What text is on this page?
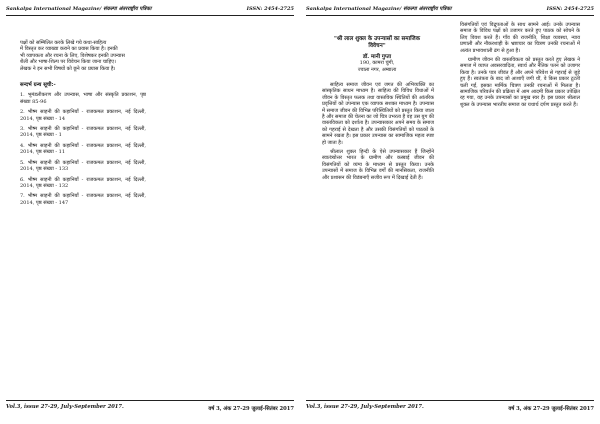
Sankalpa International Magazine/ संकल्पा अंतरराष्ट्रीय पत्रिका	ISSN: 2454-2725
पक्षों को सम्मिलित करके लिखे गये कथा-साहित्य
में विस्तृत कर व्याख्या कराने का प्रयास किया है। इनकी
भी व्यापकता और रचना के लिए, विशेषकर इनकी उपन्यास
शैली और भाषा-शिल्प पर विवेचन किया जाना चाहिए।
लेखक ने इन सभी विषयों को छूने का प्रयास किया है।
सन्दर्भ ग्रन्थ सूची:-
1. भूमंडलीकरण और उपन्यास, भाषा और संस्कृति प्रकाशन, पृष्ठ संख्या 85-96
2. भीष्म साहनी की कहानियाँ - राजकमल प्रकाशन, नई दिल्ली, 2014, पृष्ठ संख्या - 14
3. भीष्म साहनी की कहानियाँ - राजकमल प्रकाशन, नई दिल्ली, 2014, पृष्ठ संख्या - 1
4. भीष्म साहनी की कहानियाँ - राजकमल प्रकाशन, नई दिल्ली, 2014, पृष्ठ संख्या - 11
5. भीष्म साहनी की कहानियाँ - राजकमल प्रकाशन, नई दिल्ली, 2014, पृष्ठ संख्या - 133
6. भीष्म साहनी की कहानियाँ - राजकमल प्रकाशन, नई दिल्ली, 2014, पृष्ठ संख्या - 132
7. भीष्म साहनी की कहानियाँ - राजकमल प्रकाशन, नई दिल्ली, 2014, पृष्ठ संख्या - 147
Vol.3, issue 27-29, July-September 2017.	वर्ष 3, अंक 27-29 जुलाई-सितंबर 2017
Sankalpa International Magazine/ संकल्पा अंतरराष्ट्रीय पत्रिका	ISSN: 2454-2725
"श्री लाल शुक्ल के उपन्यासों का समाजिक विवेचन"
डॉ. मानी गुप्ता
190, कामरा चुंगी,
ज्वाला नगर, अम्बाला

साहित्य समाज जीवन एवं जगत की अभिव्यक्ति का सांस्कृतिक साधन माध्यम है। साहित्य की विविध विधाओं में जीवन के विस्तृत फलक तथा वास्तविक स्थितियों की आंतरिक प्रवृत्तियों को उपन्यास एक व्यापक सशक्त माध्यम है। उपन्यास में समाज जीवन की विभिन्न परिस्थितियों को प्रस्तुत किया जाता है और समाज की चेतना का जो चित्र उभरता है वह उस युग की वास्तविकता को दर्शाता है। उपन्यासकार अपने समय के समाज को गहराई से देखता है और उसकी विसंगतियों को पाठकों के सामने रखता है। इस प्रकार उपन्यास का सामाजिक महत्व स्पष्ट हो जाता है।

श्रीलाल शुक्ल हिन्दी के ऐसे उपन्यासकार हैं जिन्होंने स्वातंत्र्योत्तर भारत के ग्रामीण और कस्बाई जीवन की विसंगतियों को व्यंग्य के माध्यम से प्रस्तुत किया। उनके उपन्यासों में समाज के विभिन्न वर्गों की मानसिकता, राजनीति और प्रशासन की विडंबनाएँ सजीव रूप में दिखाई देती हैं।

विसंगतियों एवं विद्रूपताओं के साथ सामने आई। उनके उपन्यास समाज के विविध पक्षों को उजागर करते हुए पाठक को सोचने के लिए विवश करते हैं। गाँव की राजनीति, शिक्षा व्यवस्था, न्याय प्रणाली और नौकरशाही के भ्रष्टाचार का चित्रण उनकी रचनाओं में अत्यंत प्रभावशाली ढंग से हुआ है।

ग्रामीण जीवन की वास्तविकता को प्रस्तुत करते हुए लेखक ने समाज में व्याप्त अवसरवादिता, स्वार्थ और नैतिक पतन को उजागर किया है। उनके पात्र जीवंत हैं और अपने परिवेश से गहराई से जुड़े हुए हैं। स्वतंत्रता के बाद जो आशाएँ जगी थीं, वे किस प्रकार टूटती चली गईं, इसका मार्मिक चित्रण उनकी रचनाओं में मिलता है। सामाजिक परिवर्तन की प्रक्रिया में आम आदमी किस प्रकार उपेक्षित रह गया, यह उनके उपन्यासों का प्रमुख स्वर है। इस प्रकार श्रीलाल शुक्ल के उपन्यास भारतीय समाज का यथार्थ दर्पण प्रस्तुत करते हैं।

Vol.3, issue 27-29, July-September 2017.	वर्ष 3, अंक 27-29 जुलाई-सितंबर 2017
